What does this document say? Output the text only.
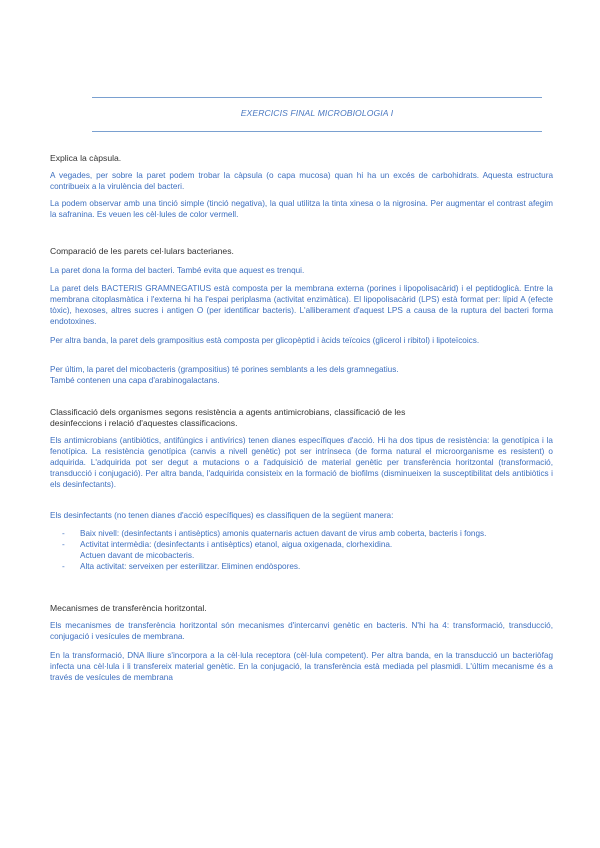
EXERCICIS FINAL MICROBIOLOGIA I
Explica la càpsula.
A vegades, per sobre la paret podem trobar la càpsula (o capa mucosa) quan hi ha un excés de carbohidrats. Aquesta estructura contribueix a la virulència del bacteri.
La podem observar amb una tinció simple (tinció negativa), la qual utilitza la tinta xinesa o la nigrosina. Per augmentar el contrast afegim la safranina. Es veuen les cèl·lules de color vermell.
Comparació de les parets cel·lulars bacterianes.
La paret dona la forma del bacteri. També evita que aquest es trenqui.
La paret dels BACTERIS GRAMNEGATIUS està composta per la membrana externa (porines i lipopolisacàrid) i el peptidoglicà. Entre la membrana citoplasmàtica i l'externa hi ha l'espai periplasma (activitat enzimàtica). El lipopolisacàrid (LPS) està format per: lípid A (efecte tòxic), hexoses, altres sucres i antigen O (per identificar bacteris). L'alliberament d'aquest LPS a causa de la ruptura del bacteri forma endotoxines.
Per altra banda, la paret dels grampositius està composta per glicopèptid i àcids teïcoics (glicerol i ribitol) i lipoteïcoics.
Per últim, la paret del micobacteris (grampositius) té porines semblants a les dels gramnegatius.
També contenen una capa d'arabinogalactans.
Classificació dels organismes segons resistència a agents antimicrobians, classificació de les
desinfeccions i relació d'aquestes classificacions.
Els antimicrobians (antibiòtics, antifúngics i antivírics) tenen dianes específiques d'acció. Hi ha dos tipus de resistència: la genotípica i la fenotípica. La resistència genotípica (canvis a nivell genètic) pot ser intrínseca (de forma natural el microorganisme es resistent) o adquirida. L'adquirida pot ser degut a mutacions o a l'adquisició de material genètic per transferència horitzontal (transformació, transducció i conjugació). Per altra banda, l'adquirida consisteix en la formació de biofilms (disminueixen la susceptibilitat dels antibiòtics i els desinfectants).
Els desinfectants (no tenen dianes d'acció específiques) es classifiquen de la següent manera:
- Baix nivell: (desinfectants i antisèptics) amonis quaternaris actuen davant de virus amb coberta, bacteris i fongs.
- Activitat intermèdia: (desinfectants i antisèptics) etanol, aigua oxigenada, clorhexidina.
Actuen davant de micobacteris.
- Alta activitat: serveixen per esterilitzar. Eliminen endòspores.
Mecanismes de transferència horitzontal.
Els mecanismes de transferència horitzontal són mecanismes d'intercanvi genètic en bacteris. N'hi ha 4: transformació, transducció, conjugació i vesícules de membrana.
En la transformació, DNA lliure s'incorpora a la cèl·lula receptora (cèl·lula competent). Per altra banda, en la transducció un bacteriòfag infecta una cèl·lula i li transfereix material genètic. En la conjugació, la transferència està mediada pel plasmidi. L'últim mecanisme és a través de vesícules de membrana
